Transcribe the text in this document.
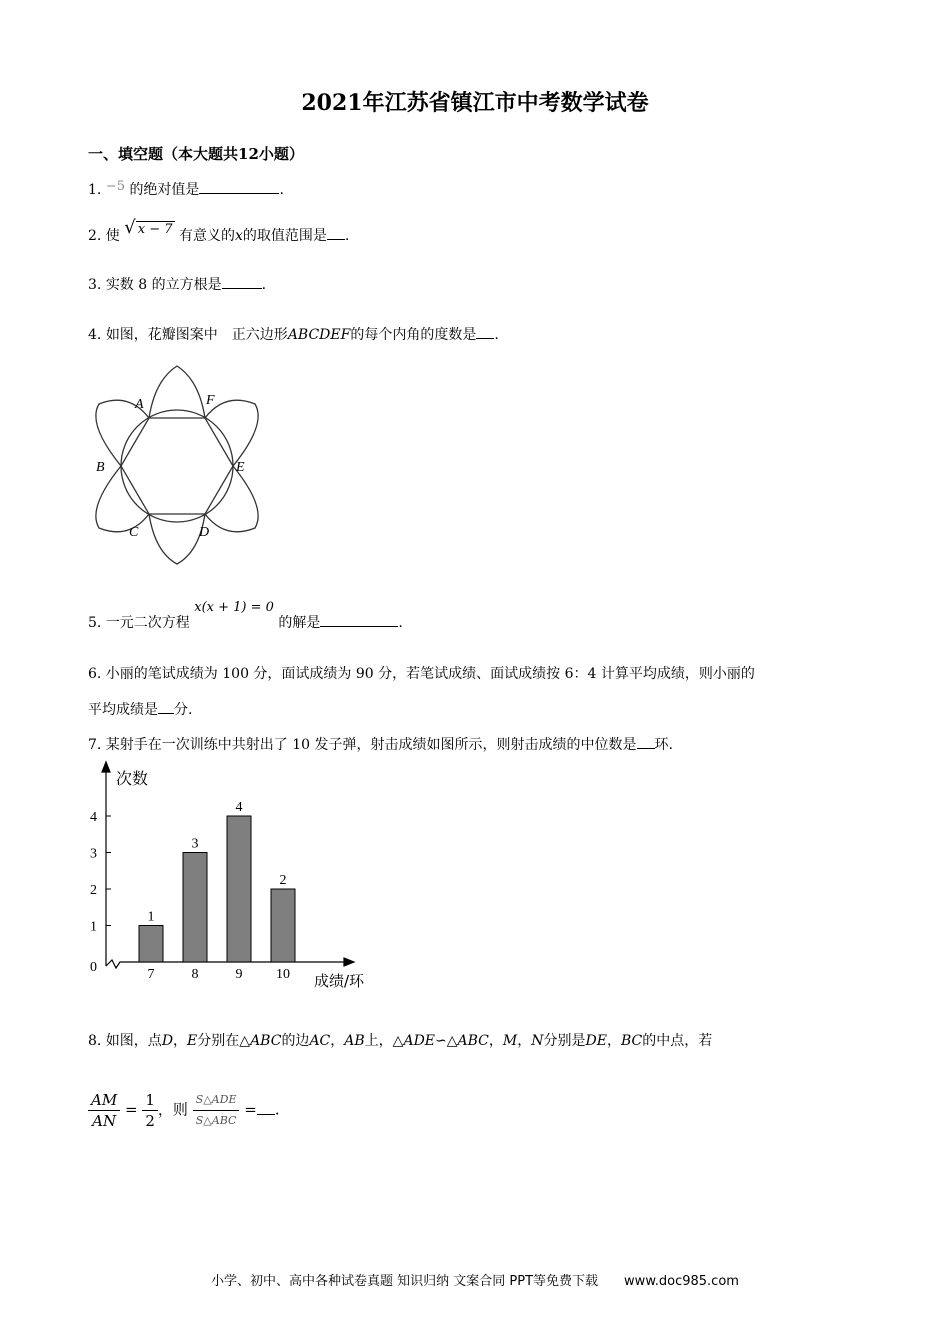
2021年江苏省镇江市中考数学试卷
一、填空题（本大题共12小题）
1. −5 的绝对值是	.
2. 使 √ x − 7 有意义的x的取值范围是 .
3. 实数 8 的立方根是	.
4. 如图，花瓣图案中　正六边形ABCDEF的每个内角的度数是 .
A	F
B	E
C	D
5. 一元二次方程 x(x + 1) = 0 的解是	.
6. 小丽的笔试成绩为 100 分，面试成绩为 90 分，若笔试成绩、面试成绩按 6：4 计算平均成绩，则小丽的
平均成绩是 分.
7. 某射手在一次训练中共射出了 10 发子弹，射击成绩如图所示，则射击成绩的中位数是 环.
次数
成绩/环
0
1
2
3
4
1
7
3
8
4
9
2
10
8. 如图，点D，E分别在△ABC的边AC，AB上，△ADE∽△ABC，M，N分别是DE，BC的中点，若
$\frac{AM}{AN} = \frac{1}{2}$ ，则 $\frac{\text{S△ADE}}{\text{S△ABC}}$ = .
小学、初中、高中各种试卷真题 知识归纳 文案合同 PPT等免费下载　　www.doc985.com
